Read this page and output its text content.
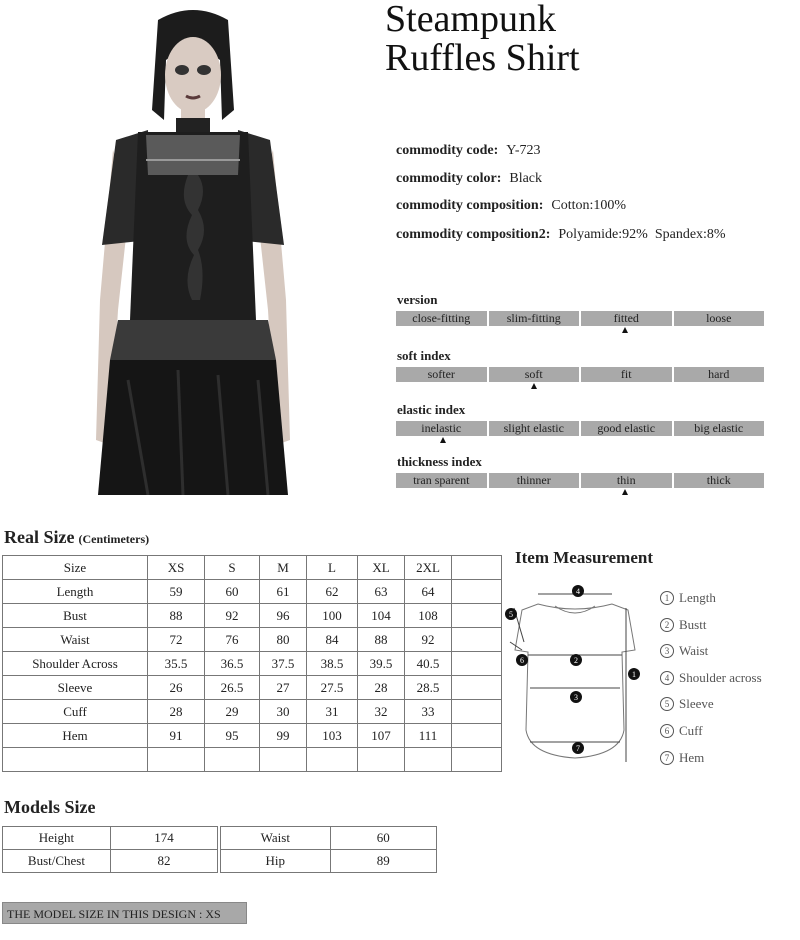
Steampunk
Ruffles Shirt
commodity code: Y-723
commodity color: Black
commodity composition: Cotton:100%
commodity composition2: Polyamide:92%  Spandex:8%
version
close-fitting	slim-fitting	fitted	loose
soft index
softer	soft	fit	hard
elastic index
inelastic	slight elastic	good elastic	big elastic
thickness index
tran sparent	thinner	thin	thick
Real Size (Centimeters)
Size	XS	S	M	L	XL	2XL	
Length	59	60	61	62	63	64	
Bust	88	92	96	100	104	108	
Waist	72	76	80	84	88	92	
Shoulder Across	35.5	36.5	37.5	38.5	39.5	40.5	
Sleeve	26	26.5	27	27.5	28	28.5	
Cuff	28	29	30	31	32	33	
Hem	91	95	99	103	107	111	

Item Measurement
4
2
3
7
1
5
6
1 Length
2 Bustt
3 Waist
4 Shoulder across
5 Sleeve
6 Cuff
7 Hem
Models Size
Height	174
Bust/Chest	82
Waist	60
Hip	89
THE MODEL SIZE IN THIS DESIGN : XS
